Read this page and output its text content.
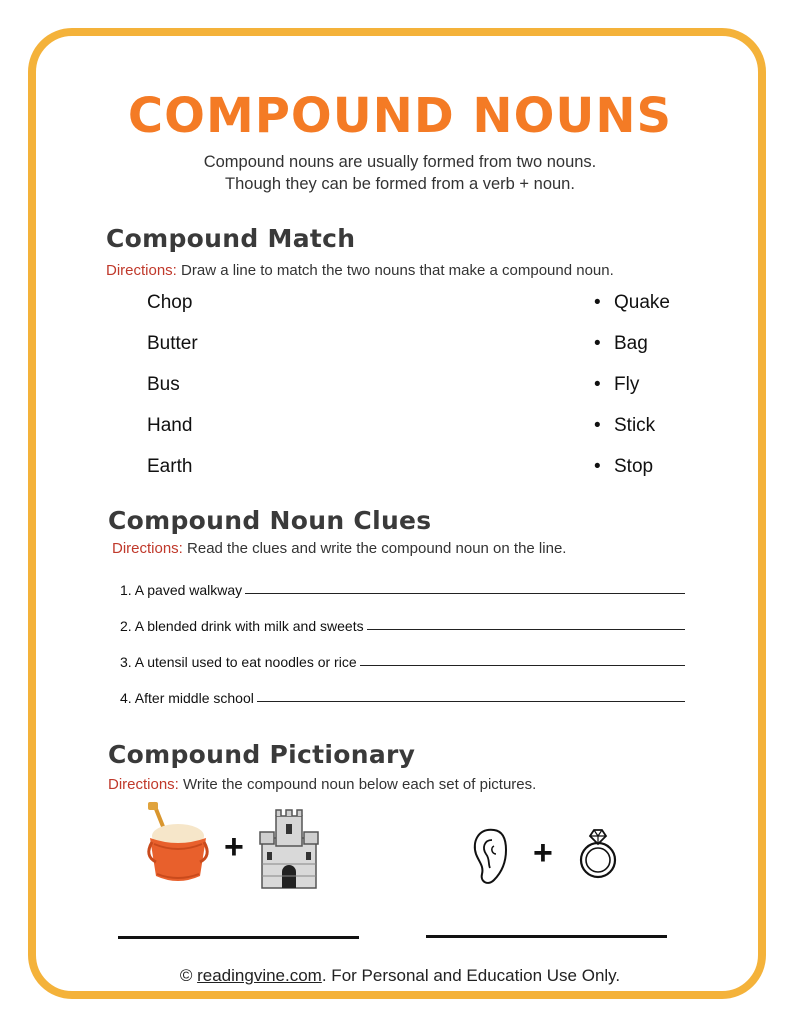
COMPOUND NOUNS
Compound nouns are usually formed from two nouns.
Though they can be formed from a verb + noun.
Compound Match
Directions: Draw a line to match the two nouns that make a compound noun.
Chop
Butter
Bus
Hand
Earth
•
•
•
•
•
Quake
Bag
Fly
Stick
Stop
Compound Noun Clues
Directions: Read the clues and write the compound noun on the line.
1. A paved walkway
2. A blended drink with milk and sweets
3. A utensil used to eat noodles or rice
4. After middle school
Compound Pictionary
Directions: Write the compound noun below each set of pictures.
+	+
© readingvine.com. For Personal and Education Use Only.
